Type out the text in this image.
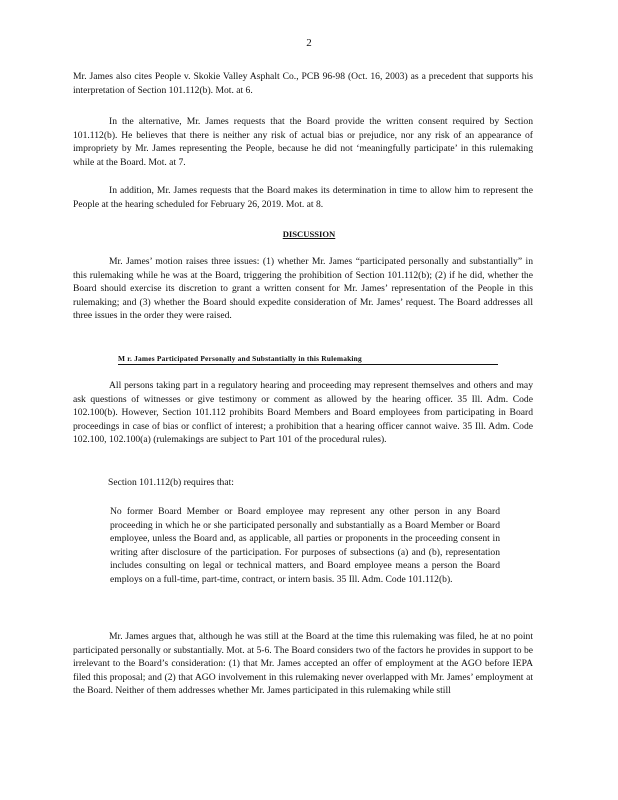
2

Mr. James also cites People v. Skokie Valley Asphalt Co., PCB 96-98 (Oct. 16, 2003) as a precedent that supports his interpretation of Section 101.112(b). Mot. at 6.

In the alternative, Mr. James requests that the Board provide the written consent required by Section 101.112(b). He believes that there is neither any risk of actual bias or prejudice, nor any risk of an appearance of impropriety by Mr. James representing the People, because he did not ‘meaningfully participate’ in this rulemaking while at the Board. Mot. at 7.

In addition, Mr. James requests that the Board makes its determination in time to allow him to represent the People at the hearing scheduled for February 26, 2019. Mot. at 8.

DISCUSSION

Mr. James’ motion raises three issues: (1) whether Mr. James “participated personally and substantially” in this rulemaking while he was at the Board, triggering the prohibition of Section 101.112(b); (2) if he did, whether the Board should exercise its discretion to grant a written consent for Mr. James’ representation of the People in this rulemaking; and (3) whether the Board should expedite consideration of Mr. James’ request. The Board addresses all three issues in the order they were raised.

M r. James Participated Personally and Substantially in this Rulemaking

All persons taking part in a regulatory hearing and proceeding may represent themselves and others and may ask questions of witnesses or give testimony or comment as allowed by the hearing officer. 35 Ill. Adm. Code 102.100(b). However, Section 101.112 prohibits Board Members and Board employees from participating in Board proceedings in case of bias or conflict of interest; a prohibition that a hearing officer cannot waive. 35 Ill. Adm. Code 102.100, 102.100(a) (rulemakings are subject to Part 101 of the procedural rules).

Section 101.112(b) requires that:

No former Board Member or Board employee may represent any other person in any Board proceeding in which he or she participated personally and substantially as a Board Member or Board employee, unless the Board and, as applicable, all parties or proponents in the proceeding consent in writing after disclosure of the participation. For purposes of subsections (a) and (b), representation includes consulting on legal or technical matters, and Board employee means a person the Board employs on a full-time, part-time, contract, or intern basis. 35 Ill. Adm. Code 101.112(b).

Mr. James argues that, although he was still at the Board at the time this rulemaking was filed, he at no point participated personally or substantially. Mot. at 5-6. The Board considers two of the factors he provides in support to be irrelevant to the Board’s consideration: (1) that Mr. James accepted an offer of employment at the AGO before IEPA filed this proposal; and (2) that AGO involvement in this rulemaking never overlapped with Mr. James’ employment at the Board. Neither of them addresses whether Mr. James participated in this rulemaking while still
